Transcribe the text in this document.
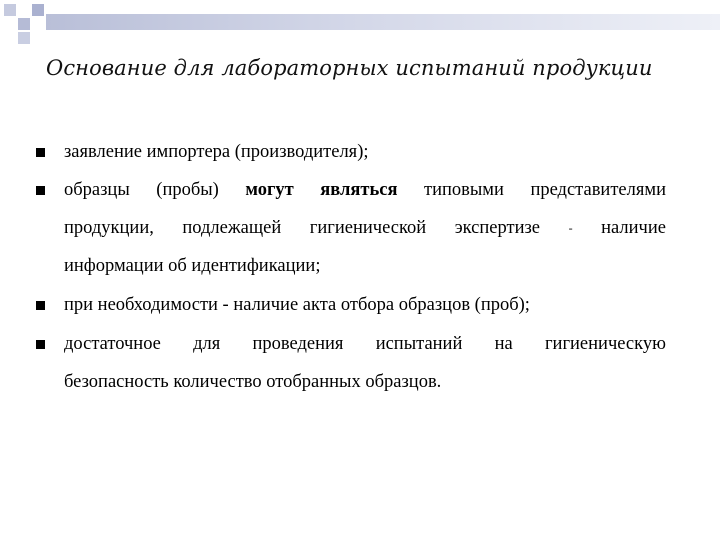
Основание для лабораторных испытаний продукции
заявление импортера (производителя);
образцы (пробы) могут являться типовыми представителями
продукции, подлежащей гигиенической экспертизе - наличие
информации об идентификации;
при необходимости - наличие акта отбора образцов (проб);
достаточное для проведения испытаний на гигиеническую
безопасность количество отобранных образцов.
